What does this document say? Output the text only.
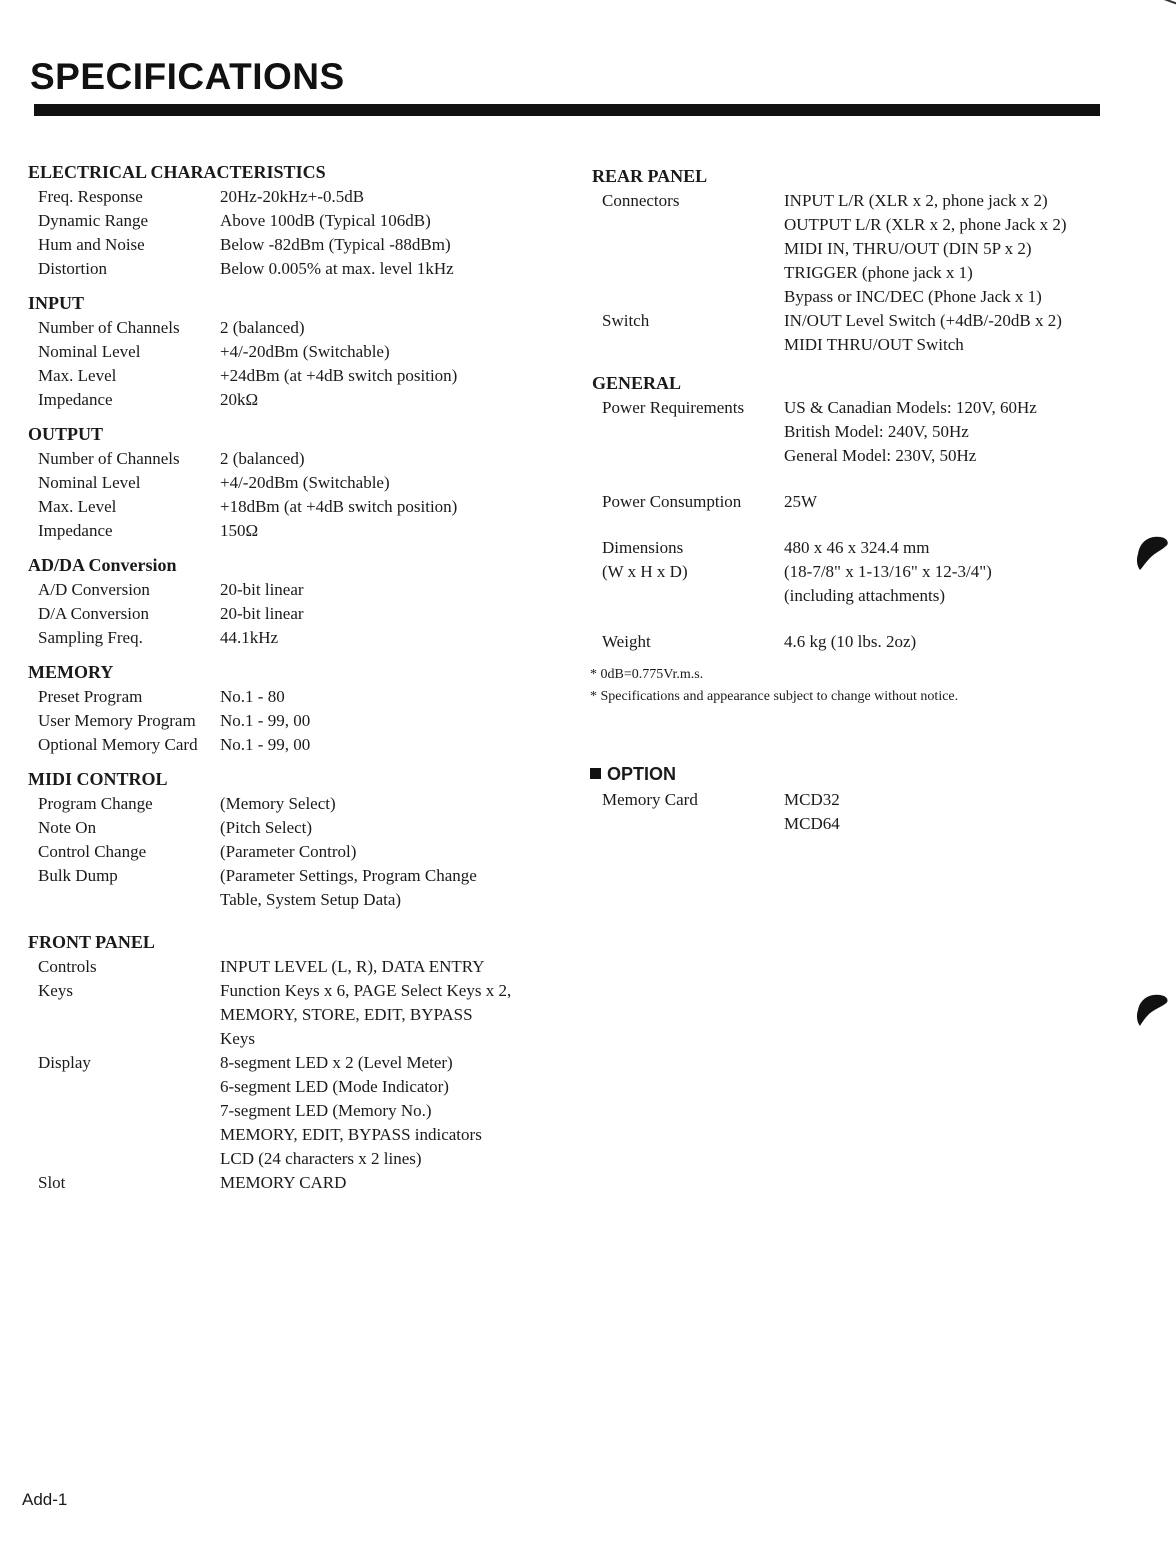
SPECIFICATIONS
ELECTRICAL CHARACTERISTICS
Freq. Response	20Hz-20kHz+-0.5dB
Dynamic Range	Above 100dB (Typical 106dB)
Hum and Noise	Below -82dBm (Typical -88dBm)
Distortion	Below 0.005% at max. level 1kHz
INPUT
Number of Channels	2 (balanced)
Nominal Level	+4/-20dBm (Switchable)
Max. Level	+24dBm (at +4dB switch position)
Impedance	20kΩ
OUTPUT
Number of Channels	2 (balanced)
Nominal Level	+4/-20dBm (Switchable)
Max. Level	+18dBm (at +4dB switch position)
Impedance	150Ω
AD/DA Conversion
A/D Conversion	20-bit linear
D/A Conversion	20-bit linear
Sampling Freq.	44.1kHz
MEMORY
Preset Program	No.1 - 80
User Memory Program	No.1 - 99, 00
Optional Memory Card	No.1 - 99, 00
MIDI CONTROL
Program Change	(Memory Select)
Note On	(Pitch Select)
Control Change	(Parameter Control)
Bulk Dump	(Parameter Settings, Program Change
Table, System Setup Data)
FRONT PANEL
Controls	INPUT LEVEL (L, R), DATA ENTRY
Keys	Function Keys x 6, PAGE Select Keys x 2,
MEMORY, STORE, EDIT, BYPASS
Keys
Display	8-segment LED x 2 (Level Meter)
6-segment LED (Mode Indicator)
7-segment LED (Memory No.)
MEMORY, EDIT, BYPASS indicators
LCD (24 characters x 2 lines)
Slot	MEMORY CARD
REAR PANEL
Connectors	INPUT L/R (XLR x 2, phone jack x 2)
OUTPUT L/R (XLR x 2, phone Jack x 2)
MIDI IN, THRU/OUT (DIN 5P x 2)
TRIGGER (phone jack x 1)
Bypass or INC/DEC (Phone Jack x 1)
Switch	IN/OUT Level Switch (+4dB/-20dB x 2)
MIDI THRU/OUT Switch
GENERAL
Power Requirements	US & Canadian Models: 120V, 60Hz
British Model: 240V, 50Hz
General Model: 230V, 50Hz
Power Consumption	25W
Dimensions	480 x 46 x 324.4 mm
(W x H x D)	(18-7/8" x 1-13/16" x 12-3/4")
(including attachments)
Weight	4.6 kg (10 lbs. 2oz)
* 0dB=0.775Vr.m.s.
* Specifications and appearance subject to change without notice.
OPTION
Memory Card	MCD32
MCD64
Add-1
